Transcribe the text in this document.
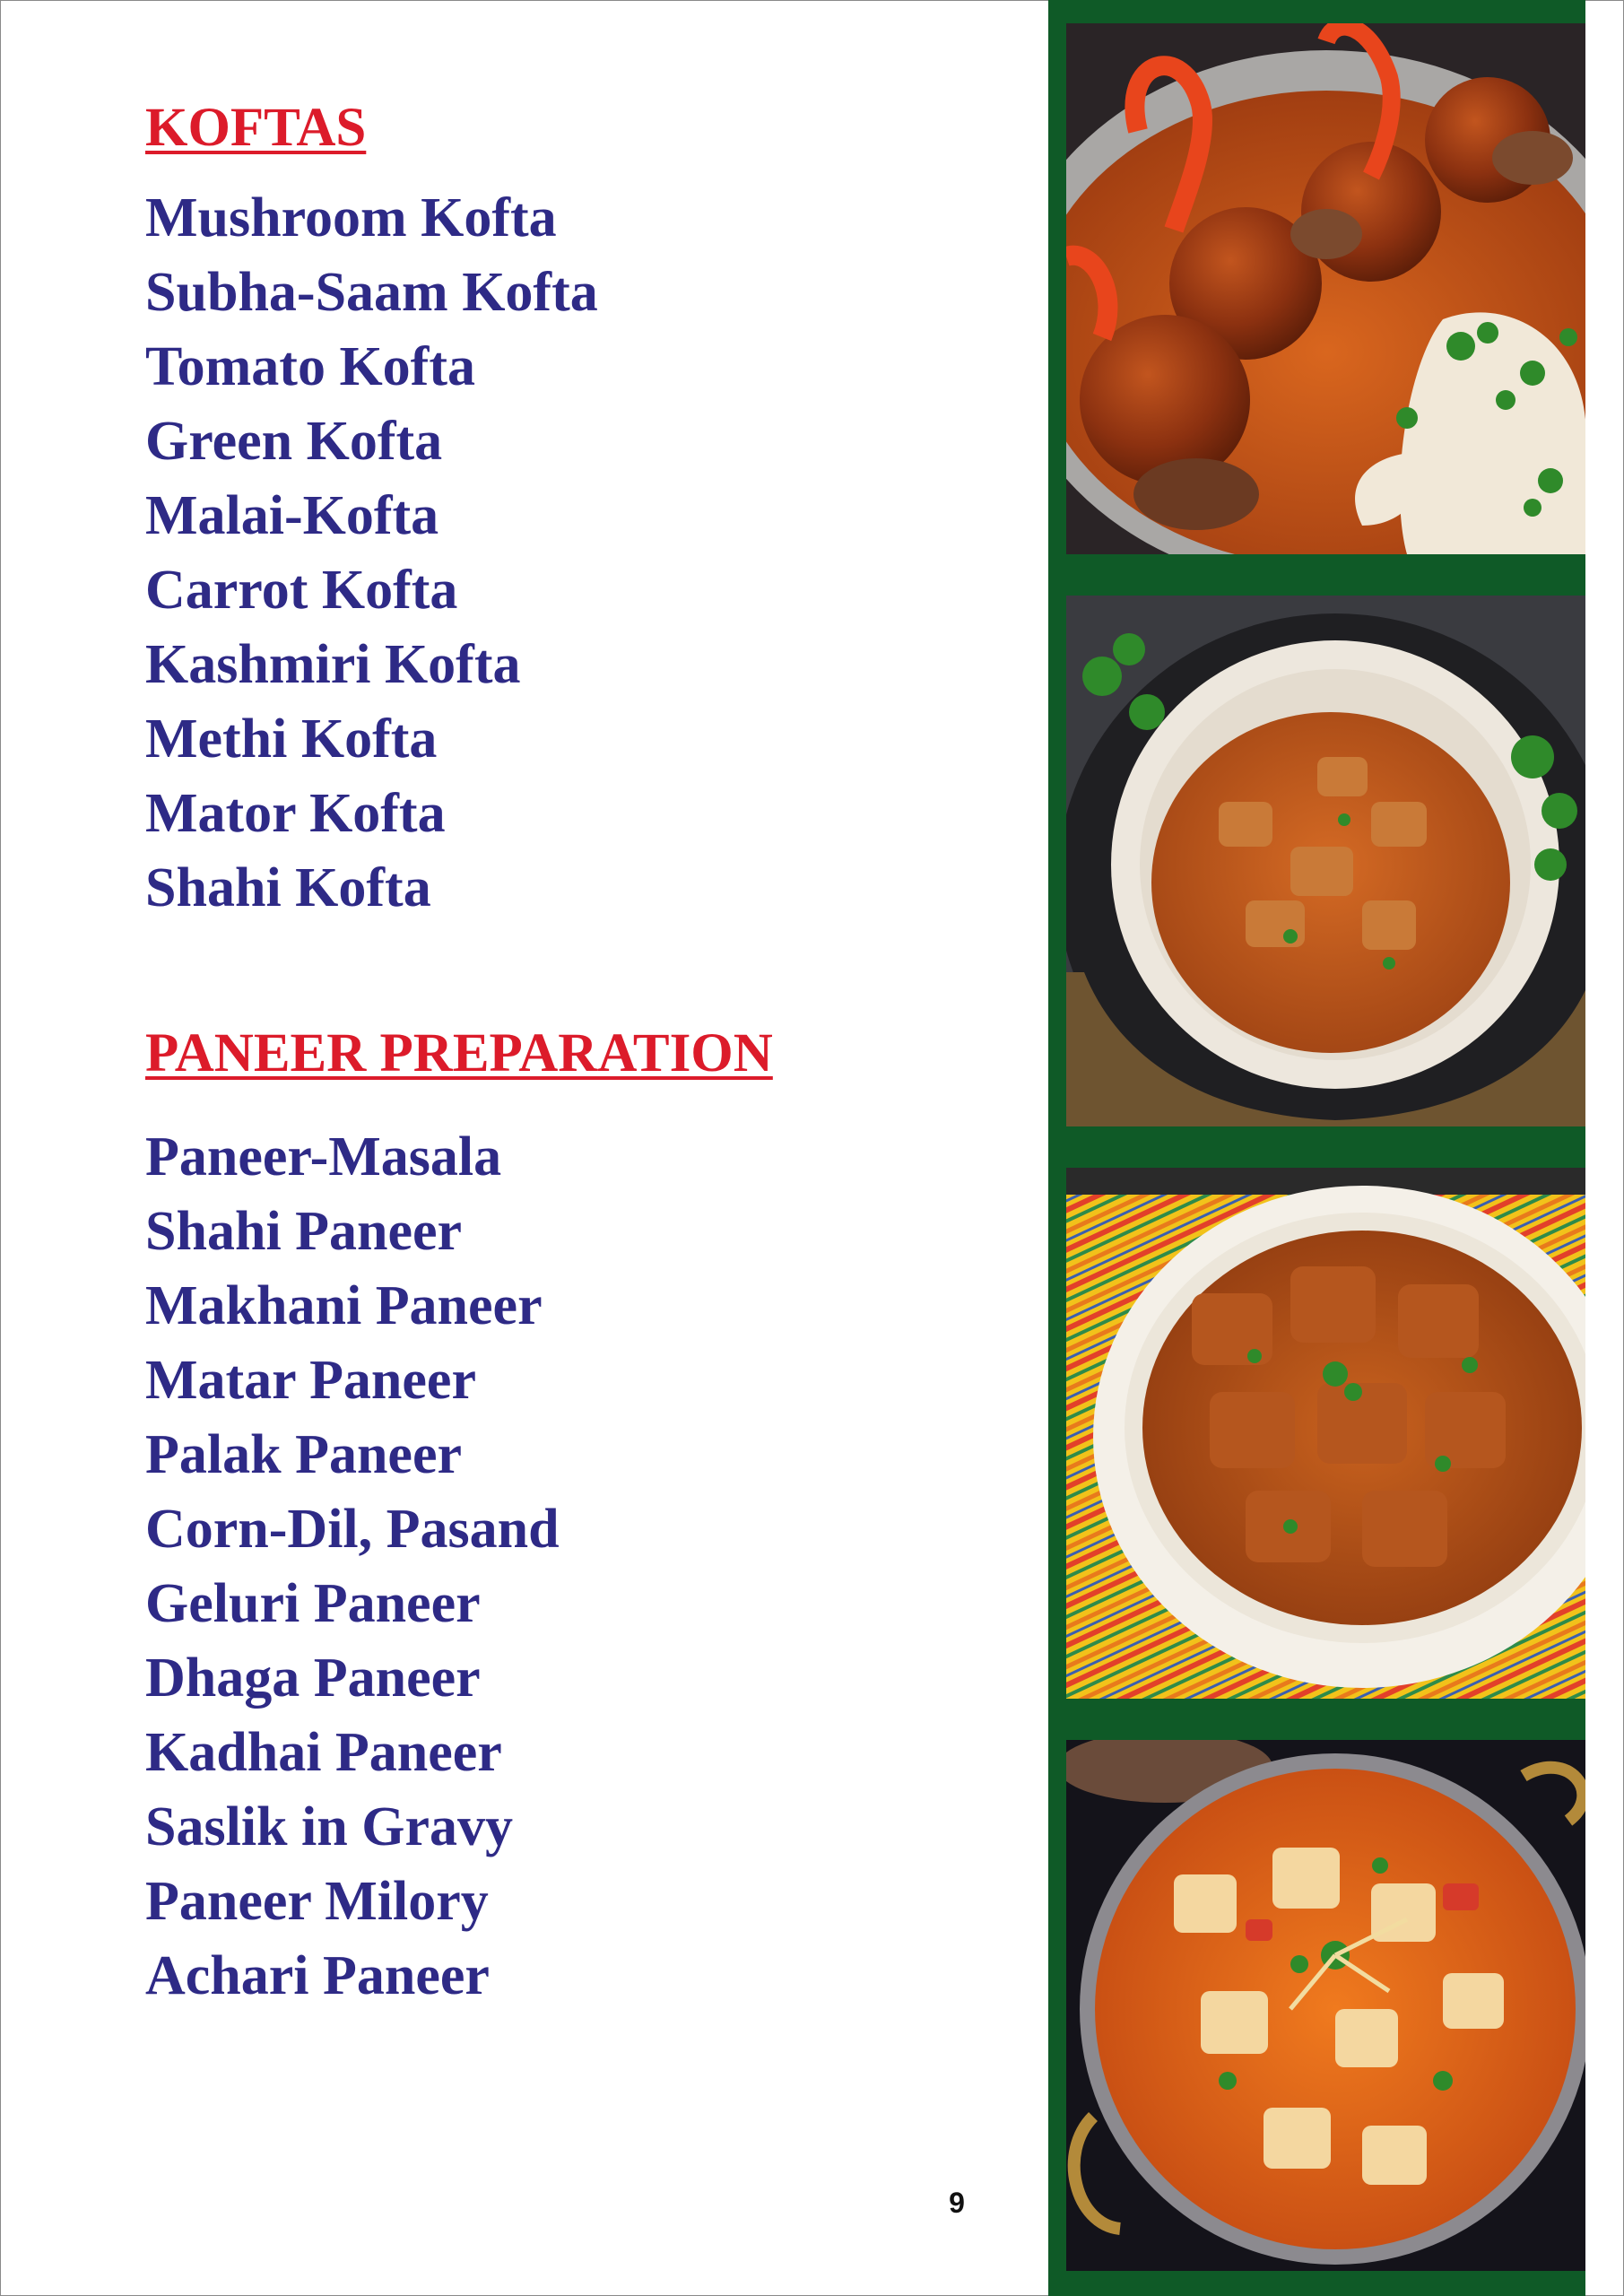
KOFTAS
Mushroom Kofta
Subha-Saam Kofta
Tomato Kofta
Green Kofta
Malai-Kofta
Carrot Kofta
Kashmiri Kofta
Methi Kofta
Mator Kofta
Shahi Kofta
PANEER PREPARATION
Paneer-Masala
Shahi Paneer
Makhani Paneer
Matar Paneer
Palak Paneer
Corn-Dil, Pasand
Geluri Paneer
Dhaga Paneer
Kadhai Paneer
Saslik in Gravy
Paneer Milory
Achari Paneer
9
